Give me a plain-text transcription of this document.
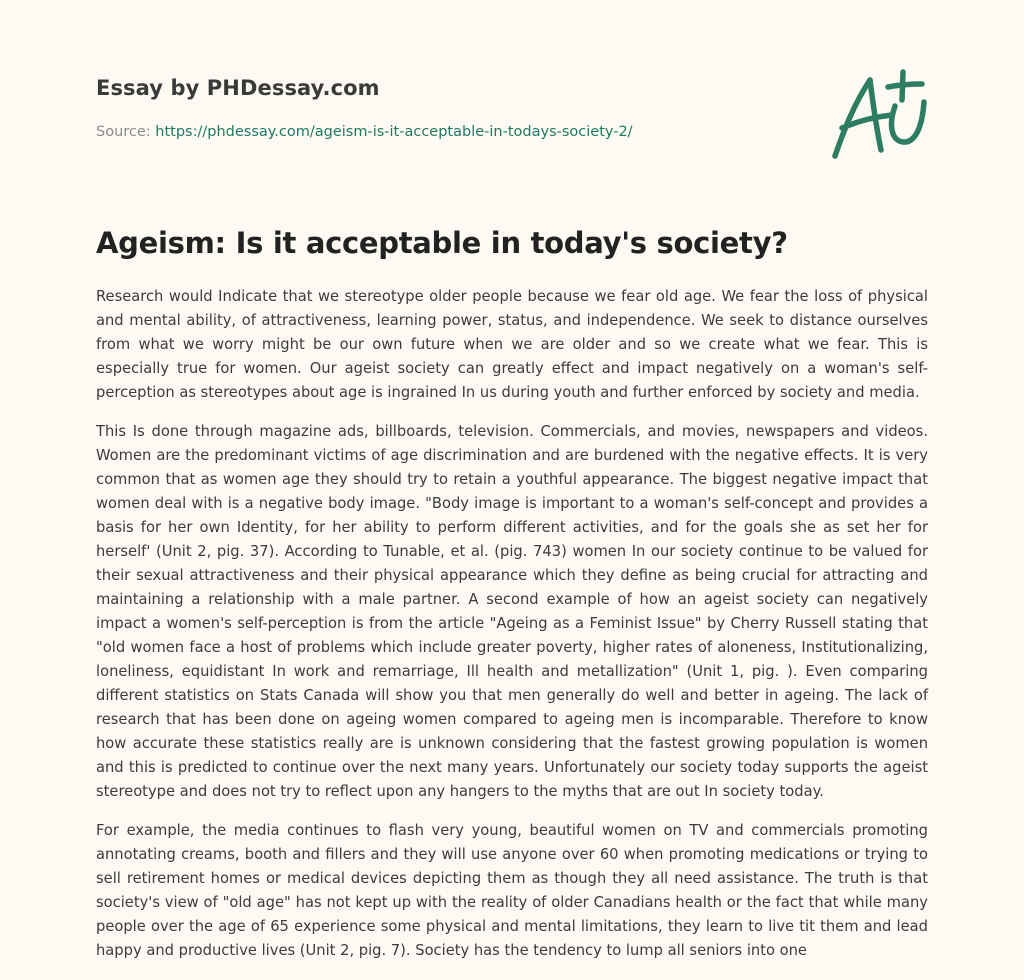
Essay by PHDessay.com
Source: https://phdessay.com/ageism-is-it-acceptable-in-todays-society-2/
Ageism: Is it acceptable in today's society?

Research would Indicate that we stereotype older people because we fear old age. We fear the loss of physical and mental ability, of attractiveness, learning power, status, and independence. We seek to distance ourselves from what we worry might be our own future when we are older and so we create what we fear. This is especially true for women. Our ageist society can greatly effect and impact negatively on a woman's self-perception as stereotypes about age is ingrained In us during youth and further enforced by society and media.

This Is done through magazine ads, billboards, television. Commercials, and movies, newspapers and videos. Women are the predominant victims of age discrimination and are burdened with the negative effects. It is very common that as women age they should try to retain a youthful appearance. The biggest negative impact that women deal with is a negative body image. "Body image is important to a woman's self-concept and provides a basis for her own Identity, for her ability to perform different activities, and for the goals she as set her for herself' (Unit 2, pig. 37). According to Tunable, et al. (pig. 743) women In our society continue to be valued for their sexual attractiveness and their physical appearance which they define as being crucial for attracting and maintaining a relationship with a male partner. A second example of how an ageist society can negatively impact a women's self-perception is from the article "Ageing as a Feminist Issue" by Cherry Russell stating that "old women face a host of problems which include greater poverty, higher rates of aloneness, Institutionalizing, loneliness, equidistant In work and remarriage, Ill health and metallization" (Unit 1, pig. ). Even comparing different statistics on Stats Canada will show you that men generally do well and better in ageing. The lack of research that has been done on ageing women compared to ageing men is incomparable. Therefore to know how accurate these statistics really are is unknown considering that the fastest growing population is women and this is predicted to continue over the next many years. Unfortunately our society today supports the ageist stereotype and does not try to reflect upon any hangers to the myths that are out In society today.

For example, the media continues to flash very young, beautiful women on TV and commercials promoting annotating creams, booth and fillers and they will use anyone over 60 when promoting medications or trying to sell retirement homes or medical devices depicting them as though they all need assistance. The truth is that society's view of "old age" has not kept up with the reality of older Canadians health or the fact that while many people over the age of 65 experience some physical and mental limitations, they learn to live tit them and lead happy and productive lives (Unit 2, pig. 7). Society has the tendency to lump all seniors into one
